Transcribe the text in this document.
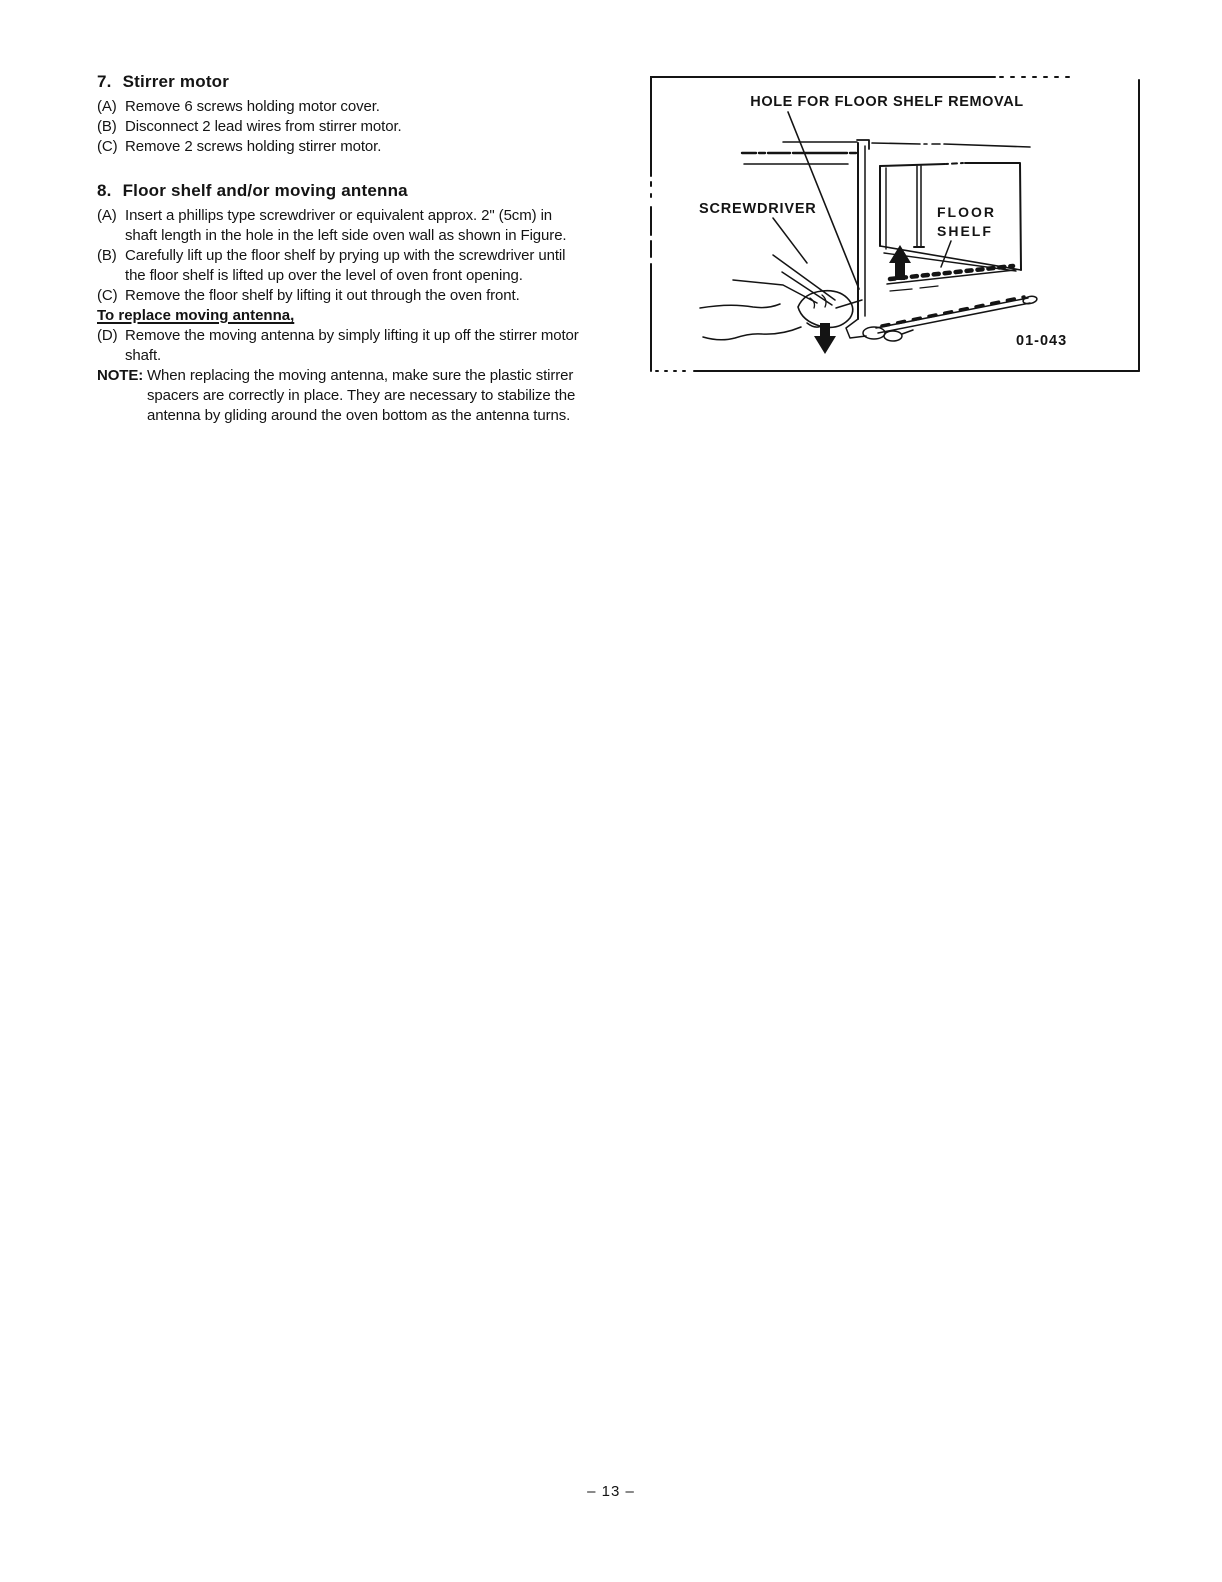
7. Stirrer motor
(A) Remove 6 screws holding motor cover.
(B) Disconnect 2 lead wires from stirrer motor.
(C) Remove 2 screws holding stirrer motor.
8. Floor shelf and/or moving antenna
(A) Insert a phillips type screwdriver or equivalent approx. 2" (5cm) in shaft length in the hole in the left side oven wall as shown in Figure.
(B) Carefully lift up the floor shelf by prying up with the screwdriver until the floor shelf is lifted up over the level of oven front opening.
(C) Remove the floor shelf by lifting it out through the oven front.
To replace moving antenna,
(D) Remove the moving antenna by simply lifting it up off the stirrer motor shaft.
NOTE: When replacing the moving antenna, make sure the plastic stirrer spacers are correctly in place. They are necessary to stabilize the antenna by gliding around the oven bottom as the antenna turns.
HOLE FOR FLOOR SHELF REMOVAL
SCREWDRIVER	FLOOR
SHELF
01-043
– 13 –
